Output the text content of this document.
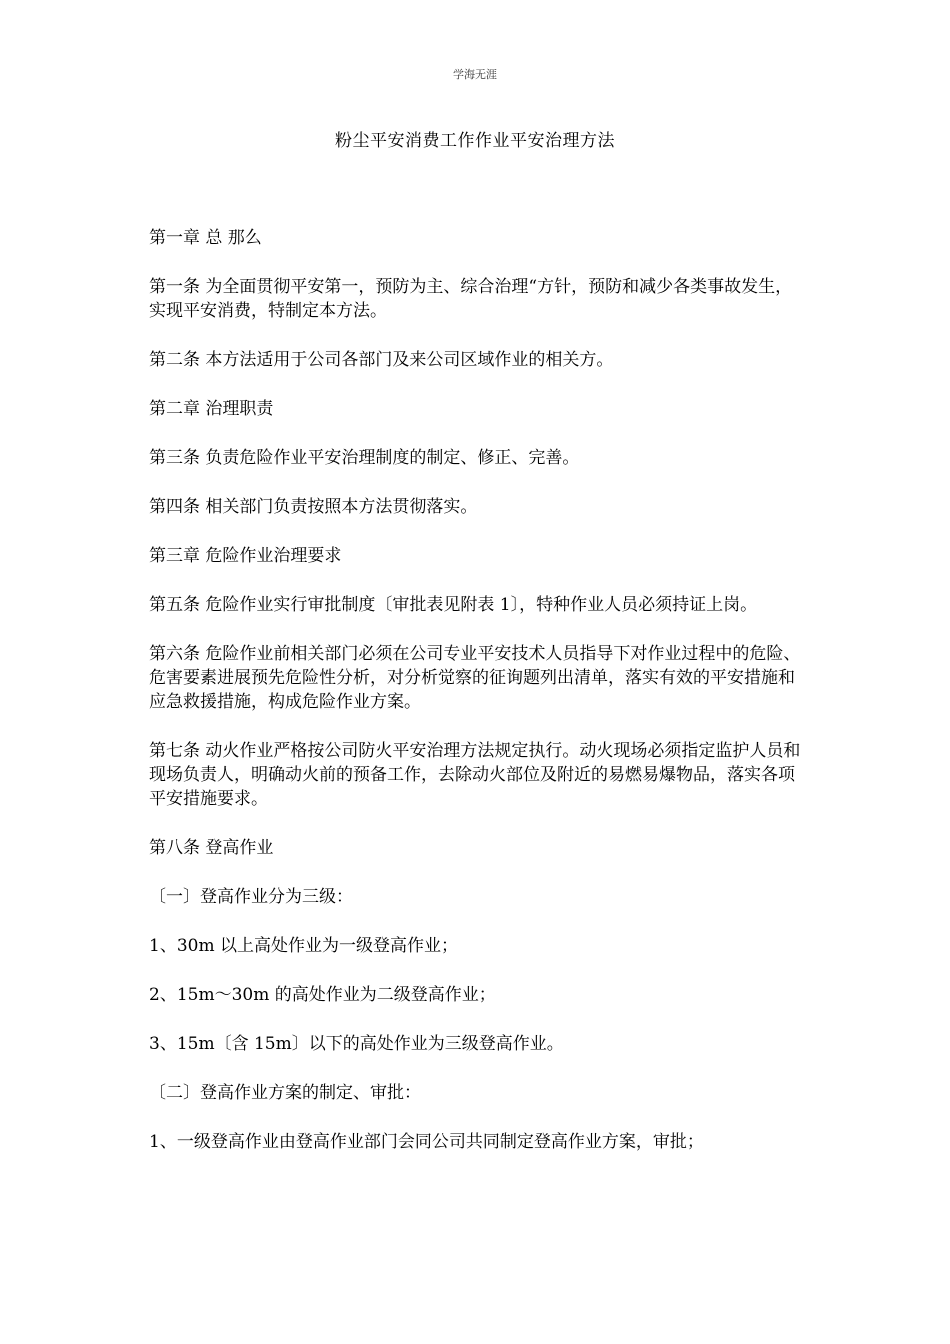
学海无涯
粉尘平安消费工作作业平安治理方法

第一章 总 那么

第一条 为全面贯彻平安第一，预防为主、综合治理“方针，预防和减少各类事故发生，实现平安消费，特制定本方法。

第二条 本方法适用于公司各部门及来公司区域作业的相关方。

第二章 治理职责

第三条 负责危险作业平安治理制度的制定、修正、完善。

第四条 相关部门负责按照本方法贯彻落实。

第三章 危险作业治理要求

第五条 危险作业实行审批制度〔审批表见附表 1〕，特种作业人员必须持证上岗。

第六条 危险作业前相关部门必须在公司专业平安技术人员指导下对作业过程中的危险、危害要素进展预先危险性分析，对分析觉察的征询题列出清单，落实有效的平安措施和应急救援措施，构成危险作业方案。

第七条 动火作业严格按公司防火平安治理方法规定执行。动火现场必须指定监护人员和现场负责人，明确动火前的预备工作，去除动火部位及附近的易燃易爆物品，落实各项平安措施要求。

第八条 登高作业

〔一〕登高作业分为三级：

1、30m 以上高处作业为一级登高作业；

2、15m～30m 的高处作业为二级登高作业；

3、15m〔含 15m〕以下的高处作业为三级登高作业。

〔二〕登高作业方案的制定、审批：

1、一级登高作业由登高作业部门会同公司共同制定登高作业方案，审批；
